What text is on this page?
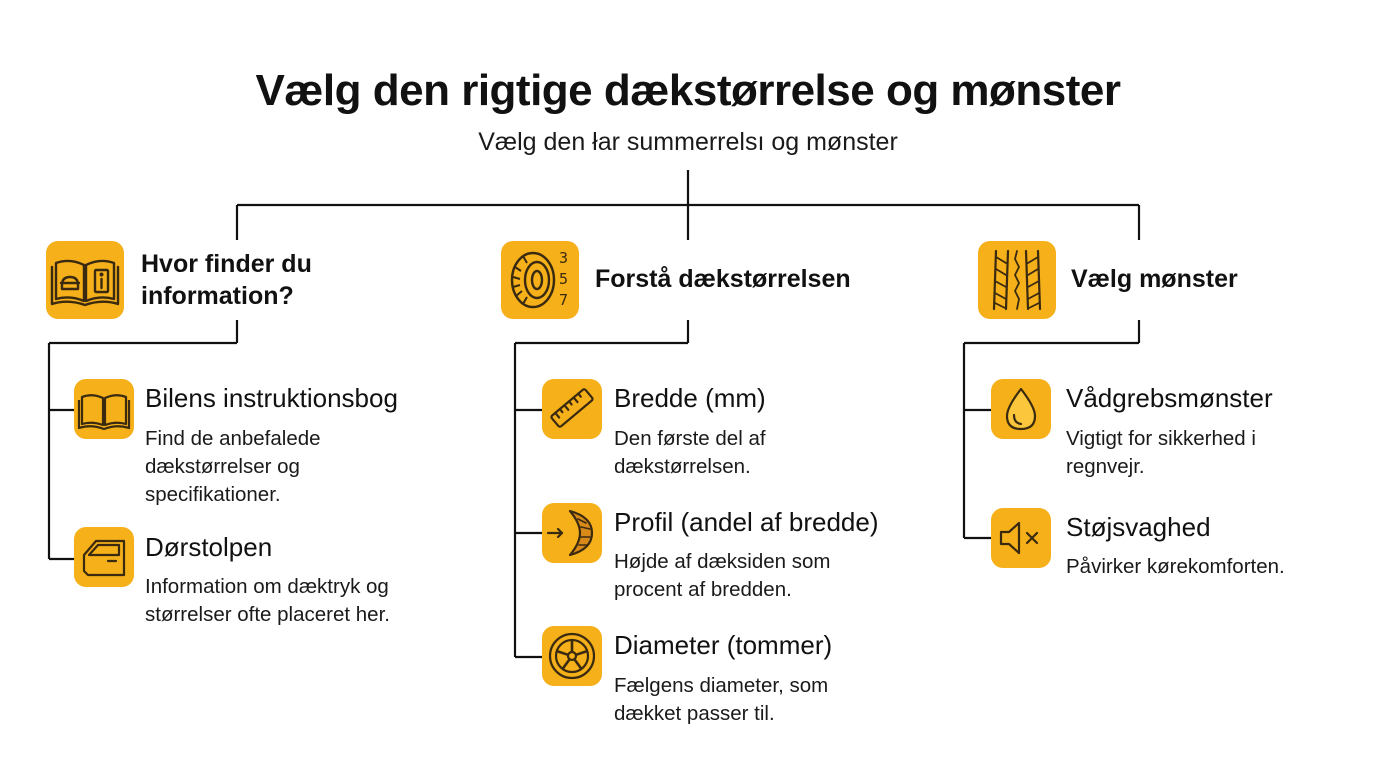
Vælg den rigtige dækstørrelse og mønster
Vælg den łar summerrelsı og mønster
Hvor finder du information?
Bilens instruktionsbog
Find de anbefalede dækstørrelser og specifikationer.
Dørstolpen
Information om dæktryk og størrelser ofte placeret her.
3
5
7
Forstå dækstørrelsen
Bredde (mm)
Den første del af dækstørrelsen.
Profil (andel af bredde)
Højde af dæksiden som procent af bredden.
Diameter (tommer)
Fælgens diameter, som dækket passer til.
Vælg mønster
Vådgrebsmønster
Vigtigt for sikkerhed i regnvejr.
Støjsvaghed
Påvirker kørekomforten.
